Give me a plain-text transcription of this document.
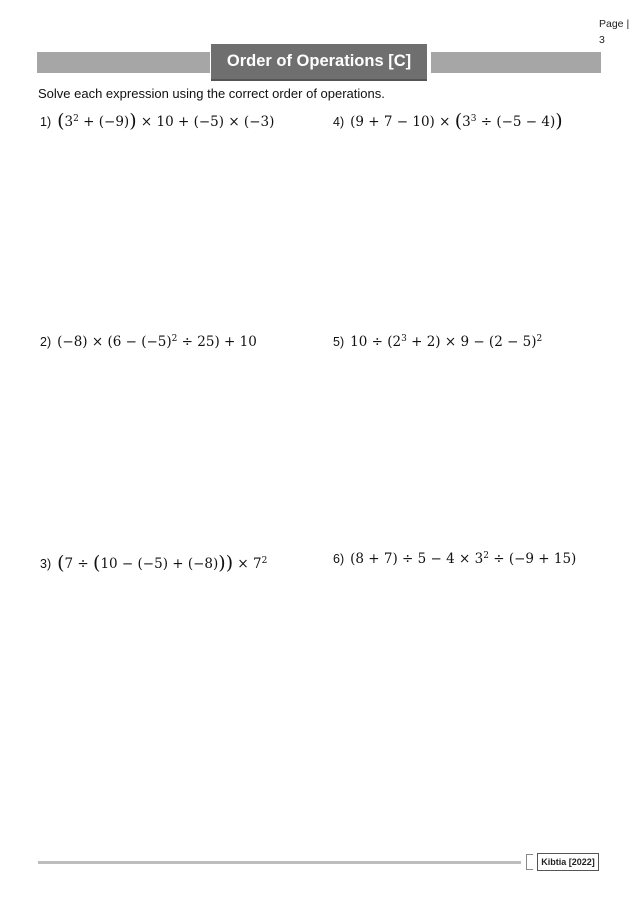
Page |
3
Order of Operations [C]
Solve each expression using the correct order of operations.
1) $(3^2 + (-9)) \times 10 + (-5) \times (-3)$
2) $(-8) \times (6 - (-5)^2 \div 25) + 10$
3) $(7 \div (10 - (-5) + (-8))) \times 7^2$
4) $(9 + 7 - 10) \times (3^3 \div (-5 - 4))$
5) $10 \div (2^3 + 2) \times 9 - (2 - 5)^2$
6) $(8 + 7) \div 5 - 4 \times 3^2 \div (-9 + 15)$
Kibtia [2022]
